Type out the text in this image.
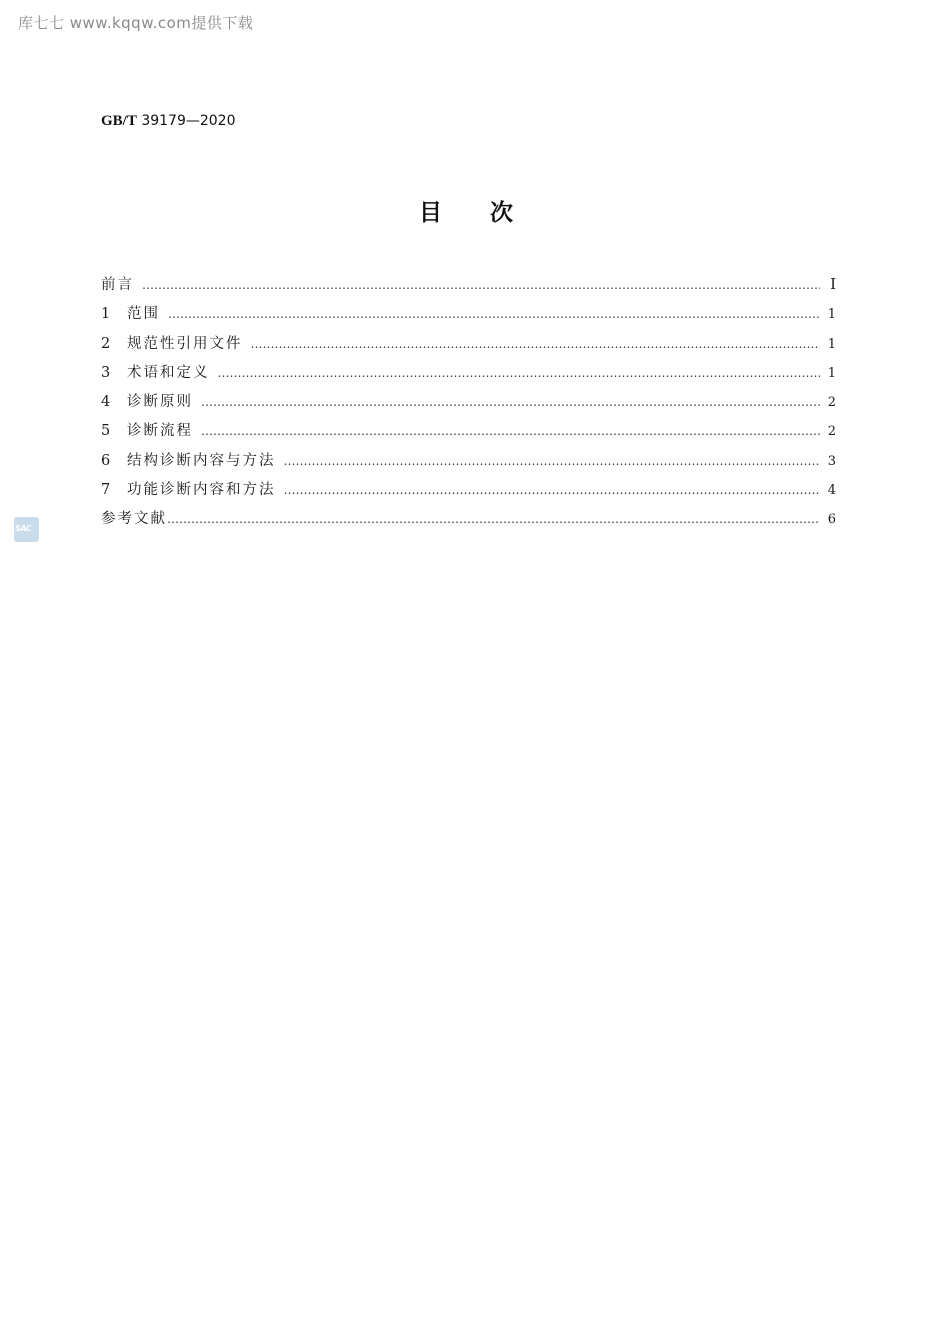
库七七 www.kqqw.com提供下载
GB/T 39179—2020
目次
前言 ……………………………………………………………………………………………………………………………………………………………………………………………	Ⅰ
1	范围 ……………………………………………………………………………………………………………………………………………………………………………………………	1
2	规范性引用文件 ……………………………………………………………………………………………………………………………………………………………………………………………	1
3	术语和定义 ……………………………………………………………………………………………………………………………………………………………………………………………	1
4	诊断原则 ……………………………………………………………………………………………………………………………………………………………………………………………	2
5	诊断流程 ……………………………………………………………………………………………………………………………………………………………………………………………	2
6	结构诊断内容与方法 ……………………………………………………………………………………………………………………………………………………………………………………………	3
7	功能诊断内容和方法 ……………………………………………………………………………………………………………………………………………………………………………………………	4
参考文献 ……………………………………………………………………………………………………………………………………………………………………………………………	6
SAC
